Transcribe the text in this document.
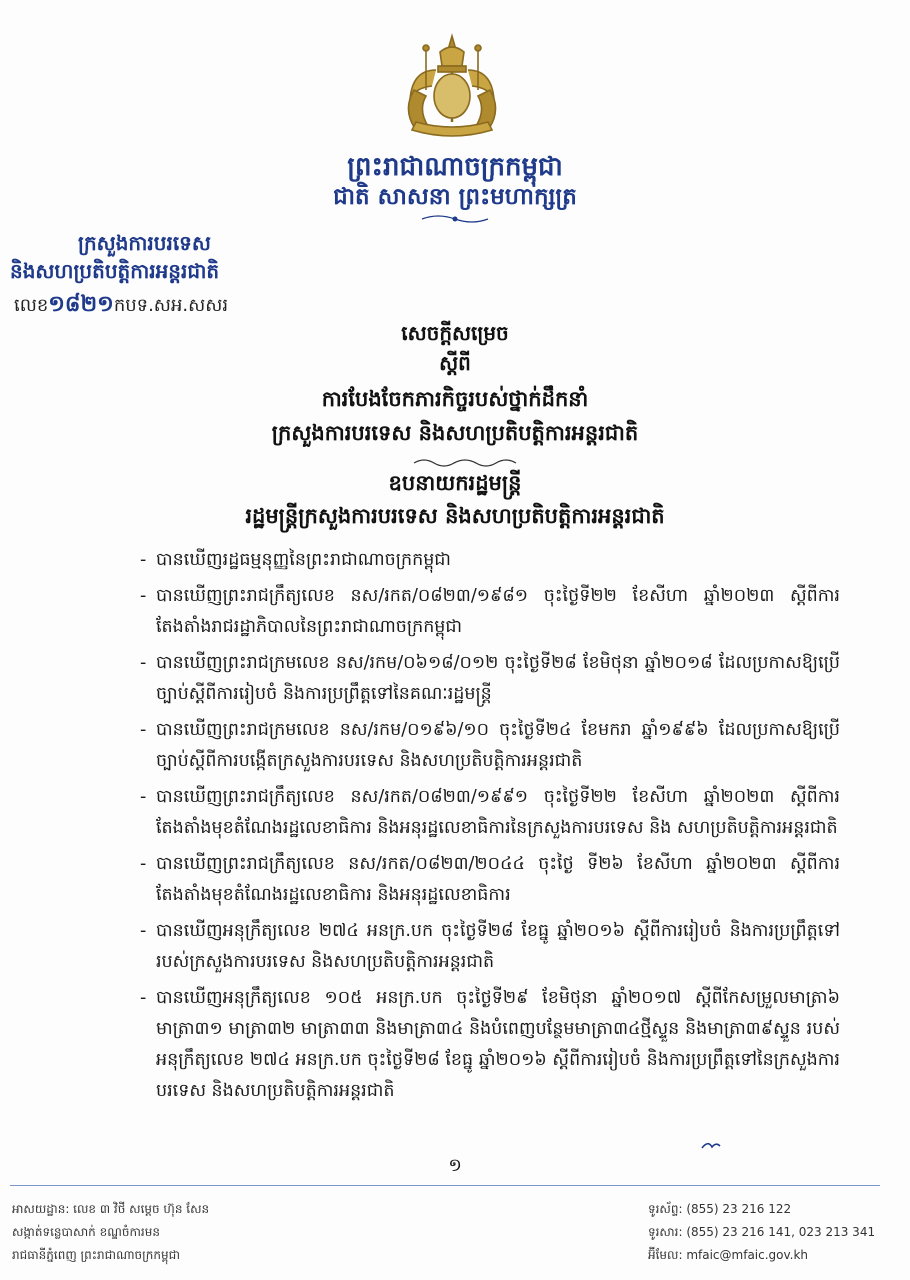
ព្រះរាជាណាចក្រកម្ពុជា
ជាតិ សាសនា ព្រះមហាក្សត្រ
ក្រសួងការបរទេស
និងសហប្រតិបត្តិការអន្តរជាតិ
លេខ១៨២១កបទ.សអ.សសរ
សេចក្តីសម្រេច
ស្តីពី
ការបែងចែកភារកិច្ចរបស់ថ្នាក់ដឹកនាំ
ក្រសួងការបរទេស និងសហប្រតិបត្តិការអន្តរជាតិ
ឧបនាយករដ្ឋមន្ត្រី
រដ្ឋមន្ត្រីក្រសួងការបរទេស និងសហប្រតិបត្តិការអន្តរជាតិ
- បានឃើញរដ្ឋធម្មនុញ្ញនៃព្រះរាជាណាចក្រកម្ពុជា
- បានឃើញព្រះរាជក្រឹត្យលេខ នស/រកត/០៨២៣/១៩៨១ ចុះថ្ងៃទី២២ ខែសីហា ឆ្នាំ២០២៣ ស្តីពីការតែងតាំងរាជរដ្ឋាភិបាលនៃព្រះរាជាណាចក្រកម្ពុជា
- បានឃើញព្រះរាជក្រមលេខ នស/រកម/០៦១៨/០១២ ចុះថ្ងៃទី២៨ ខែមិថុនា ឆ្នាំ២០១៨ ដែលប្រកាសឱ្យប្រើ ច្បាប់ស្តីពីការរៀបចំ និងការប្រព្រឹត្តទៅនៃគណៈរដ្ឋមន្ត្រី
- បានឃើញព្រះរាជក្រមលេខ នស/រកម/០១៩៦/១០ ចុះថ្ងៃទី២៤ ខែមករា ឆ្នាំ១៩៩៦ ដែលប្រកាសឱ្យប្រើ ច្បាប់ស្តីពីការបង្កើតក្រសួងការបរទេស និងសហប្រតិបត្តិការអន្តរជាតិ
- បានឃើញព្រះរាជក្រឹត្យលេខ នស/រកត/០៨២៣/១៩៩១ ចុះថ្ងៃទី២២ ខែសីហា ឆ្នាំ២០២៣ ស្តីពីការតែងតាំងមុខតំណែងរដ្ឋលេខាធិការ និងអនុរដ្ឋលេខាធិការនៃក្រសួងការបរទេស និង សហប្រតិបត្តិការអន្តរជាតិ
- បានឃើញព្រះរាជក្រឹត្យលេខ នស/រកត/០៨២៣/២០៤៤ ចុះថ្ងៃ ទី២៦ ខែសីហា ឆ្នាំ២០២៣ ស្តីពីការ តែងតាំងមុខតំណែងរដ្ឋលេខាធិការ និងអនុរដ្ឋលេខាធិការ
- បានឃើញអនុក្រឹត្យលេខ ២៧៤ អនក្រ.បក ចុះថ្ងៃទី២៨ ខែធ្នូ ឆ្នាំ២០១៦ ស្តីពីការរៀបចំ និងការប្រព្រឹត្តទៅ របស់ក្រសួងការបរទេស និងសហប្រតិបត្តិការអន្តរជាតិ
- បានឃើញអនុក្រឹត្យលេខ ១០៥ អនក្រ.បក ចុះថ្ងៃទី២៩ ខែមិថុនា ឆ្នាំ២០១៧ ស្តីពីកែសម្រួលមាត្រា៦ មាត្រា៣១ មាត្រា៣២ មាត្រា៣៣ និងមាត្រា៣៤ និងបំពេញបន្ថែមមាត្រា៣៤ថ្មីស្ទួន និងមាត្រា៣៩ស្ទួន របស់អនុក្រឹត្យលេខ ២៧៤ អនក្រ.បក ចុះថ្ងៃទី២៨ ខែធ្នូ ឆ្នាំ២០១៦ ស្តីពីការរៀបចំ និងការប្រព្រឹត្តទៅនៃក្រសួងការបរទេស និងសហប្រតិបត្តិការអន្តរជាតិ
១
អាសយដ្ឋាន: លេខ ៣ វិថី សម្តេច ហ៊ុន សែន
សង្កាត់ទន្លេបាសាក់ ខណ្ឌចំការមន
រាជធានីភ្នំពេញ ព្រះរាជាណាចក្រកម្ពុជា
ទូរស័ព្ទ: (855) 23 216 122
ទូរសារ: (855) 23 216 141, 023 213 341
អ៊ីមែល: mfaic@mfaic.gov.kh
